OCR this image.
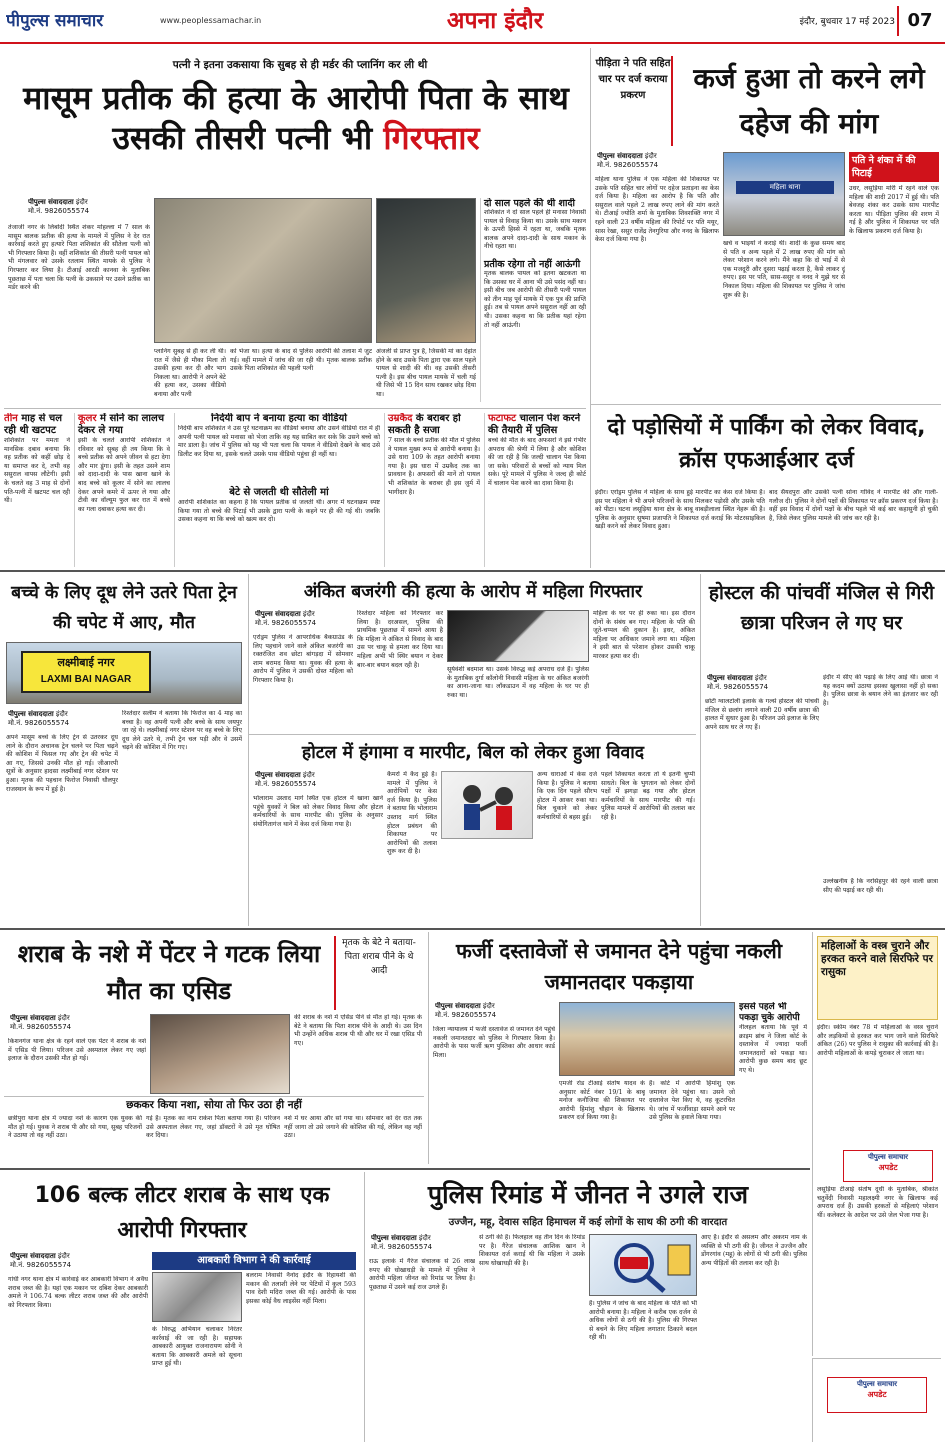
पीपुल्स समाचार	www.peoplessamachar.in	अपना इंदौर	इंदौर, बुधवार 17 मई 2023 07
पत्नी ने इतना उकसाया कि सुबह से ही मर्डर की प्लानिंग कर ली थी
मासूम प्रतीक की हत्या के आरोपी पिता के साथ उसकी तीसरी पत्नी भी गिरफ्तार
पीपुल्स संवाददाता इंदौर
मो.नं. 9826055574
तेजाजी नगर के लिंबोदी स्थित शंकर मोहल्ला में 7 साल के मासूम बालक प्रतीक की हत्या के मामले में पुलिस ने देर रात कार्रवाई करते हुए हत्यारे पिता शशिकांत की सौतेला पत्नी को भी गिरफ्तार किया है। वहीं शशिकांत की तीसरी पत्नी पायल को भी मंगलवार को उसके रतलाम स्थित मायके से पुलिस ने गिरफ्तार कर लिया है। टीआई आरडी कानवा के मुताबिक पूछताछ में पता चला कि पत्नी के उकसाने पर उसने प्रतीक का मर्डर करने की
प्लानिंग सुबह से ही कर ली थी। रात में जैसे ही मौका मिला तो उसकी हत्या कर दी और भाग निकला था। आरोपी ने अपने बेटे की हत्या कर, उसका वीडियो बनाया और पत्नी
को भेजा था। हत्या के बाद से पुलिस आरोपी की तलाश में जुट गई। वहीं मामले में जांच की जा रही थी। मृतक बालक प्रतीक उसके पिता शशिकांत की पहली पत्नी
अंजली से प्राप्त पुत्र है, जिसकी मां का देहांत होने के बाद उसके पिता द्वारा एक साल पहले पायल से शादी की थी। वह उसकी तीसरी पत्नी है। इस बीच पायल मायके में चली गई थी जिसे भी 15 दिन साथ रखकर छोड़ दिया था।
दो साल पहले की थी शादी
शशिकांत ने दो साल पहले ही मनासा निवासी पायल से विवाह किया था। उसके साथ मकान के ऊपरी हिस्से में रहता था, जबकि मृतक बालक अपने दादा-दादी के साथ मकान के नीचे रहता था।
प्रतीक रहेगा तो नहीं आऊंगी
मृतक बालक पायल को इतना खटकता था कि उसका घर में आना भी उसे पसंद नहीं था। इसी बीच जब आरोपी की तीसरी पत्नी पायल को तीन माह पूर्व मायके में एक पुत्र की प्राप्ति हुई। तब से पायल अपने ससुराल नहीं आ रही थी। उसका कहना था कि प्रतीक यहां रहेगा तो नहीं आऊंगी।
तीन माह से चल रही थी खटपट
शशिकांत पर ममता ने मानसिक दबाव बनाया कि वह प्रतीक को कहीं छोड़ दे या समाप्त कर दे, तभी वह ससुराल वापस लौटेगी। इसी के चलते वह 3 माह से दोनों पति-पत्नी में खटपट चल रही थी।
कूलर में सोने का लालच देकर ले गया
इसी के चलते आरोपी शशिकांत ने रविवार को सुबह ही तय किया कि वे बच्चे प्रतीक को अपने जीवन से हटा देगा और मार डूंगा। इसी के तहत उसने शाम को दादा-दादी के पास खाना खाने के बाद बच्चे को कूलर में सोने का लालच देकर अपने कमरे में ऊपर ले गया और टीवी का वॉल्यूम फुल कर रात में बच्चे का गला दबाकर हत्या कर दी।
निर्दयी बाप ने बनाया हत्या का वीडियो
निर्दयी बाप शशिकांत ने उस पूरे घटनाक्रम का वीडियो बनाया और उसने वीडियो रात में ही अपनी पत्नी पायल को मनासा को भेजा ताकि वह यह साबित कर सके कि उसने बच्चे को मार डाला है। जांच में पुलिस को यह भी पता चला कि पायल ने वीडियो देखने के बाद उसे डिलीट कर दिया था, इसके चलते उसके पास वीडियो पहुंचा ही नहीं था।
बेटे से जलती थी सौतेली मां
आरोपी शशिकांत का कहना है कि पायल प्रतीक से जलती थी। अगर में घटनाक्रम स्पष्ट किया गया तो बच्चे की पिटाई भी उसके द्वारा पत्नी के कहने पर ही की गई थी। जबकि उसका कहना था कि बच्चे को खत्म कर दो।
उम्रकैद के बराबर हो सकती है सजा
7 साल के बच्चे प्रतीक की मौत में पुलिस ने पायल मुख्य रूप से आरोपी बनाया है। उसे धारा 109 के तहत आरोपी बनाया गया है। इस धारा में उम्रकैद तक का प्रावधान है। अफसरों की मानें तो पायल भी शशिकांत के बराबर ही इस जुर्म में भागीदार है।
फटाफट चालान पेश करने की तैयारी में पुलिस
बच्चे की मौत के बाद अफसरों ने इसे गंभीर अपराध की श्रेणी में लिया है और कोशिश की जा रही है कि जल्दी चालान पेश किया जा सके। परिवारों से बच्चों को न्याय मिल सके। पूरे मामले में पुलिस ने जल्द ही कोर्ट में चालान पेश करने का दावा किया है।
पीड़िता ने पति सहित चार पर दर्ज कराया प्रकरण
कर्ज हुआ तो करने लगे दहेज की मांग
पीपुल्स संवाददाता इंदौर
मो.नं. 9826055574
महिला थाना
पति ने शंका में की पिटाई
उधर, लसूड़िया मोरी में रहने वाले एक महिला की शादी 2017 में हुई थी। पति बेवजह शंका कर उसके साथ मारपीट करता था। पीड़िता पुलिस की शरण में गई है और पुलिस ने शिकायत पर पति के खिलाफ प्रकरण दर्ज किया है।
महिला थाना पुलिस ने एक महिला की शिकायत पर उसके पति सहित चार लोगों पर दहेज प्रताड़ना का केस दर्ज किया है। महिला का आरोप है कि पति और ससुराल वाले पहले 2 लाख रुपए लाने की मांग करते थे। टीआई ज्योति शर्मा के मुताबिक शिवशक्ति नगर में रहने वाली 23 वर्षीय महिला की रिपोर्ट पर पति मयूर, सास रेखा, ससुर राजेंद्र तेनगुरिया और ननद के खिलाफ केस दर्ज किया गया है।
खर्च व भाइयों ने कराई थी। शादी के कुछ समय बाद से पति व अन्य पहले में 2 लाख रुपए की मांग को लेकर परेशान करने लगे। मैंने कहा कि दो भाई में से एक मजदूरी और दूसरा पढ़ाई करता है, कैसे लाकर दूं रुपए। इस पर पति, सास-ससुर व ननद ने मुझे घर से निकाल दिया। महिला की शिकायत पर पुलिस ने जांच शुरू की है।
दो पड़ोसियों में पार्किंग को लेकर विवाद, क्रॉस एफआईआर दर्ज
इंदौर। एरोड्रम पुलिस ने महिला के साथ हुई मारपीट का केस दर्ज किया है। इस पर महिला ने भी अपने परिजनों के साथ मिलकर पड़ोसी और उसके पति को पीटा। घटना लसूड़िया थाना क्षेत्र के बाबू वाबड़ीलाला स्थित नेहरू की है। पुलिस के अनुसार सुषमा प्रजापति ने शिकायत दर्ज कराई कि मोटरसाइकिल खड़ी करने को लेकर विवाद हुआ।
बाद सैयदपुरा और उसकी पत्नी सोना गोविंद ने मारपीट की और गाली-गलौज दी। पुलिस ने दोनों पक्षों की शिकायत पर क्रॉस प्रकरण दर्ज किया है। वहीं इस विवाद में दोनों पक्षों के बीच पहले भी कई बार कहासुनी हो चुकी है, जिसे लेकर पुलिस मामले की जांच कर रही है।
बच्चे के लिए दूध लेने उतरे पिता ट्रेन की चपेट में आए, मौत
लक्ष्मीबाई नगर
LAXMI BAI NAGAR
पीपुल्स संवाददाता इंदौर
मो.नं. 9826055574
अपने मासूम बच्चे के लिए ट्रेन से उतरकर दूध लाने के दौरान अचानक ट्रेन चलने पर पिता चढ़ने की कोशिश में फिसल गए और ट्रेन की चपेट में आ गए, जिससे उनकी मौत हो गई। जीआरपी सूत्रों के अनुसार हादसा लक्ष्मीबाई नगर स्टेशन पर हुआ। मृतक की पहचान फिरोज निवासी धौलपुर राजस्थान के रूप में हुई है।
रिश्तेदार सलीम ने बताया कि फिरोज का 4 माह का बच्चा है। वह अपनी पत्नी और बच्चे के साथ जयपुर जा रहे थे। लक्ष्मीबाई नगर स्टेशन पर वह बच्चे के लिए दूध लेने उतरे थे, तभी ट्रेन चल पड़ी और वे उसमें चढ़ने की कोशिश में गिर गए।
अंकित बजरंगी की हत्या के आरोप में महिला गिरफ्तार
पीपुल्स संवाददाता इंदौर
मो.नं. 9826055574
एरोड्रम पुलिस ने आपराधिक बैकग्राउंड के लिए पहचाने जाने वाले अंकित बजरंगी का रक्तरंजित शव छोटा बांगड़दा में सोमवार शाम बरामद किया था। युवक की हत्या के आरोप में पुलिस ने उसकी दोस्त महिला को गिरफ्तार किया है।
रिश्तेदार महिला को गिरफ्तार कर लिया है। दरअसल, पुलिस की प्राथमिक पूछताछ में सामने आया है कि महिला ने अंकित से विवाद के बाद उस पर चाकू से हमला कर दिया था। महिला अभी भी स्थिर बयान न देकर बार-बार बयान बदल रही है।
सूर्यवंशी बदमाश था। उसके विरुद्ध कई अपराध दर्ज हैं। पुलिस के मुताबिक दुर्गा कॉलोनी निवासी महिला के घर अंकित बजरंगी का आना-जाना था। लॉकडाउन में वह महिला के घर पर ही रुका था।
महिला के घर पर ही रुका था। इस दौरान दोनों के संबंध बन गए। महिला के पति की जूते-चप्पल की दुकान है। इधर, अंकित महिला पर अधिकार जमाने लगा था। महिला ने इसी बात से परेशान होकर उसकी चाकू मारकर हत्या कर दी।
होटल में हंगामा व मारपीट, बिल को लेकर हुआ विवाद
पीपुल्स संवाददाता इंदौर
मो.नं. 9826055574
भोलाराम उस्ताद मार्ग स्थित एक होटल में खाना खाने पहुंचे युवकों ने बिल को लेकर विवाद किया और होटल कर्मचारियों के साथ मारपीट की। पुलिस के अनुसार संयोगितागंज थाने में केस दर्ज किया गया है।
कैमरों में कैद हुई है। मामले में पुलिस ने आरोपियों पर केस दर्ज किया है। पुलिस ने बताया कि भोलाराम उस्ताद मार्ग स्थित होटल प्रबंधन की शिकायत पर आरोपियों की तलाश शुरू कर दी है।
अन्य धाराओं में केस दर्ज किया है। पुलिस ने बताया कि एक दिन पहले सौरभ होटल में आकर रुका था। बिल चुकाने को लेकर कर्मचारियों से बहस हुई।
पहले शिकायत करता तो ये इतनी चुप्पी साधते। बिल के भुगतान को लेकर दोनों पक्षों में झगड़ा बढ़ गया और होटल कर्मचारियों के साथ मारपीट की गई। पुलिस मामले में आरोपियों की तलाश कर रही है।
होस्टल की पांचवीं मंजिल से गिरी छात्रा परिजन ले गए घर
पीपुल्स संवाददाता इंदौर
मो.नं. 9826055574
छोटी ग्वालटोली इलाके के गर्ल्स होस्टल की पांचवीं मंजिल से छलांग लगाने वाली 20 वर्षीय छात्रा की हालत में सुधार हुआ है। परिजन उसे इलाज के लिए अपने साथ घर ले गए हैं।
इंदौर में सीए की पढ़ाई के लिए आई थी। छात्रा ने यह कदम क्यों उठाया इसका खुलासा नहीं हो सका है। पुलिस छात्रा के बयान लेने का इंतजार कर रही है।
उल्लेखनीय है कि नरसिंहपुर की रहने वाली छात्रा सीए की पढ़ाई कर रही थी।
शराब के नशे में पेंटर ने गटक लिया मौत का एसिड
मृतक के बेटे ने बताया- पिता शराब पीने के थे आदी
पीपुल्स संवाददाता इंदौर
मो.नं. 9826055574
किशनगंज थाना क्षेत्र के रहने वाले एक पेंटर ने शराब के नशे में एसिड पी लिया। परिजन उसे अस्पताल लेकर गए जहां इलाज के दौरान उसकी मौत हो गई।
की शराब के नशे में एसिड पीने से मौत हो गई। मृतक के बेटे ने बताया कि पिता शराब पीने के आदी थे। उस दिन भी उन्होंने अधिक शराब पी थी और घर में रखा एसिड पी गए।
छककर किया नशा, सोया तो फिर उठा ही नहीं
छत्रीपुरा थाना क्षेत्र में ज्यादा नशे के कारण एक युवक की मौत हो गई। युवक ने शराब पी और सो गया, सुबह परिजनों ने उठाया तो वह नहीं उठा।
गई है। मृतक का नाम राकेश पिता बताया गया है। परिजन उसे अस्पताल लेकर गए, जहां डॉक्टरों ने उसे मृत घोषित कर दिया।
नशे में घर आया और सो गया था। सोमवार को देर रात तक नहीं जागा तो उसे जगाने की कोशिश की गई, लेकिन वह नहीं उठा।
फर्जी दस्तावेजों से जमानत देने पहुंचा नकली जमानतदार पकड़ाया
पीपुल्स संवाददाता इंदौर
मो.नं. 9826055574
इससे पहले भी पकड़ा चुके आरोपी
नीलहल बताया कि पूर्व में क्राइम ब्रांच ने जिला कोर्ट के दस्तावेज में ज्यादा फर्जी जमानतदारों को पकड़ा था। आरोपी कुछ समय बाद छूट गए थे।
जिला न्यायालय में फर्जी दस्तावेज से जमानत देने पहुंचे नकली जमानतदार को पुलिस ने गिरफ्तार किया है। आरोपी के पास फर्जी ऋण पुस्तिका और आधार कार्ड मिला।
एमजी रोड टीआई संतोष यादव के अनुसार कोर्ट नंबर 19/1 के बाबू मनोज कनौजिया की शिकायत पर आरोपी हिमांशु चौहान के खिलाफ प्रकरण दर्ज किया गया है।
है। कोर्ट में आरोपी हिमांशु एक जमानत देने पहुंचा था। उसने जो दस्तावेज पेश किए थे, वह कूटरचित थे। जांच में फर्जीवाड़ा सामने आने पर उसे पुलिस के हवाले किया गया।
महिलाओं के वस्त्र चुराने और हरकत करने वाले सिरफिरे पर रासुका
इंदौर। स्कीम नंबर 78 में महिलाओं के वस्त्र चुराने और लड़कियों से हरकत कर भाग जाने वाले सिरफिरे अंकित (26) पर पुलिस ने रासुका की कार्रवाई की है। आरोपी महिलाओं के कपड़े चुराकर ले जाता था।
पीपुल्स समाचार
अपडेट
लसूड़िया टीआई संतोष दूधी के मुताबिक, श्रीकांत चतुर्वेदी निवासी महालक्ष्मी नगर के खिलाफ कई अपराध दर्ज हैं। उसकी हरकतों से महिलाएं परेशान थीं। कलेक्टर के आदेश पर उसे जेल भेजा गया है।
106 बल्क लीटर शराब के साथ एक आरोपी गिरफ्तार
पीपुल्स संवाददाता इंदौर
मो.नं. 9826055574	आबकारी विभाग ने की कार्रवाई
गांधी नगर थाना क्षेत्र में कार्रवाई कर आबकारी विभाग ने अवैध शराब जब्त की है। यहां एक मकान पर दबिश देकर आबकारी अमले ने 106.74 बल्क लीटर शराब जब्त की और आरोपी को गिरफ्तार किया।
के विरुद्ध अभियान चलाकर निरंतर कार्रवाई की जा रही है। सहायक आबकारी आयुक्त राजनारायण सोनी ने बताया कि आबकारी अमले को सूचना प्राप्त हुई थी।
बलराम निवासी नैनोद इंदौर के रिहायशी की मकान की तलाशी लेने पर पेटियों में कुल 593 पाव देशी मदिरा जब्त की गई। आरोपी के पास इसका कोई वैध लाइसेंस नहीं मिला।
पुलिस रिमांड में जीनत ने उगले राज
उज्जैन, महू, देवास सहित हिमाचल में कई लोगों के साथ की ठगी की वारदात
पीपुल्स संवाददाता इंदौर
मो.नं. 9826055574
राऊ इलाके में गैरेज संचालक से 26 लाख रुपए की धोखाधड़ी के मामले में पुलिस ने आरोपी महिला जीनत को रिमांड पर लिया है। पूछताछ में उसने कई राज उगले हैं।
से ठगी की है। फिलहाल वह तीन दिन के रिमांड पर है। गैरेज संचालक आशिक खान ने शिकायत दर्ज कराई थी कि महिला ने उसके साथ धोखाधड़ी की है।
है। पुलिस ने जांच के बाद महिला के पति को भी आरोपी बनाया है। महिला ने करीब एक दर्जन से अधिक लोगों से ठगी की है। पुलिस की गिरफ्त से बचने के लिए महिला लगातार ठिकाने बदल रही थी।
आए है। इंदौर से असलम और अकरम नाम के व्यक्ति से भी ठगी की है। जीनत ने उज्जैन और डोंगरगांव (महू) के लोगों से भी ठगी की। पुलिस अन्य पीड़ितों की तलाश कर रही है।
पीपुल्स समाचार
अपडेट
